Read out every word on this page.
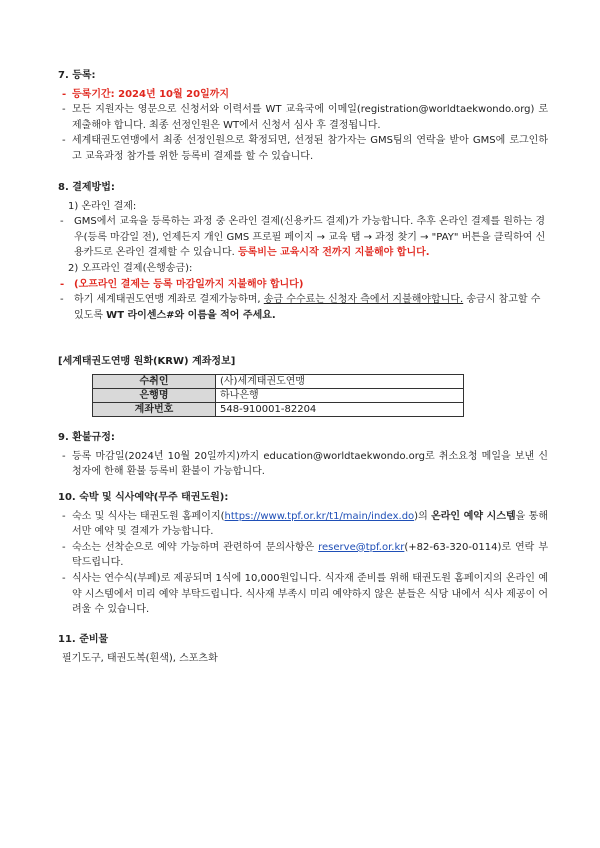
7. 등록:
- 등록기간: 2024년 10월 20일까지
- 모든 지원자는 영문으로 신청서와 이력서를 WT 교육국에 이메일(registration@worldtaekwondo.org) 로 제출해야 합니다. 최종 선정인원은 WT에서 신청서 심사 후 결정됩니다.
- 세계태권도연맹에서 최종 선정인원으로 확정되면, 선정된 참가자는 GMS팀의 연락을 받아 GMS에 로그인하고 교육과정 참가를 위한 등록비 결제를 할 수 있습니다.
8. 결제방법:
1) 온라인 결제:
- GMS에서 교육을 등록하는 과정 중 온라인 결제(신용카드 결제)가 가능합니다. 추후 온라인 결제를 원하는 경우(등록 마감일 전), 언제든지 개인 GMS 프로필 페이지 → 교육 탭 → 과정 찾기 → "PAY" 버튼을 클릭하여 신용카드로 온라인 결제할 수 있습니다. 등록비는 교육시작 전까지 지불해야 합니다.
2) 오프라인 결제(은행송금):
- (오프라인 결제는 등록 마감일까지 지불해야 합니다)
- 하기 세계태권도연맹 계좌로 결제가능하며, 송금 수수료는 신청자 측에서 지불해야합니다. 송금시 참고할 수 있도록 WT 라이센스#와 이름을 적어 주세요.
[세계태권도연맹 원화(KRW) 계좌정보]
수취인	(사)세계태권도연맹
은행명	하나은행
계좌번호	548-910001-82204
9. 환불규정:
- 등록 마감일(2024년 10월 20일까지)까지 education@worldtaekwondo.org로 취소요청 메일을 보낸 신청자에 한해 환불 등록비 환불이 가능합니다.
10. 숙박 및 식사예약(무주 태권도원):
- 숙소 및 식사는 태권도원 홈페이지(https://www.tpf.or.kr/t1/main/index.do)의 온라인 예약 시스템을 통해서만 예약 및 결제가 가능합니다.
- 숙소는 선착순으로 예약 가능하며 관련하여 문의사항은 reserve@tpf.or.kr(+82-63-320-0114)로 연락 부탁드립니다.
- 식사는 연수식(부페)로 제공되며 1식에 10,000원입니다. 식자재 준비를 위해 태권도원 홈페이지의 온라인 예약 시스템에서 미리 예약 부탁드립니다. 식사재 부족시 미리 예약하지 않은 분들은 식당 내에서 식사 제공이 어려울 수 있습니다.
11. 준비물
필기도구, 태권도복(흰색), 스포츠화
